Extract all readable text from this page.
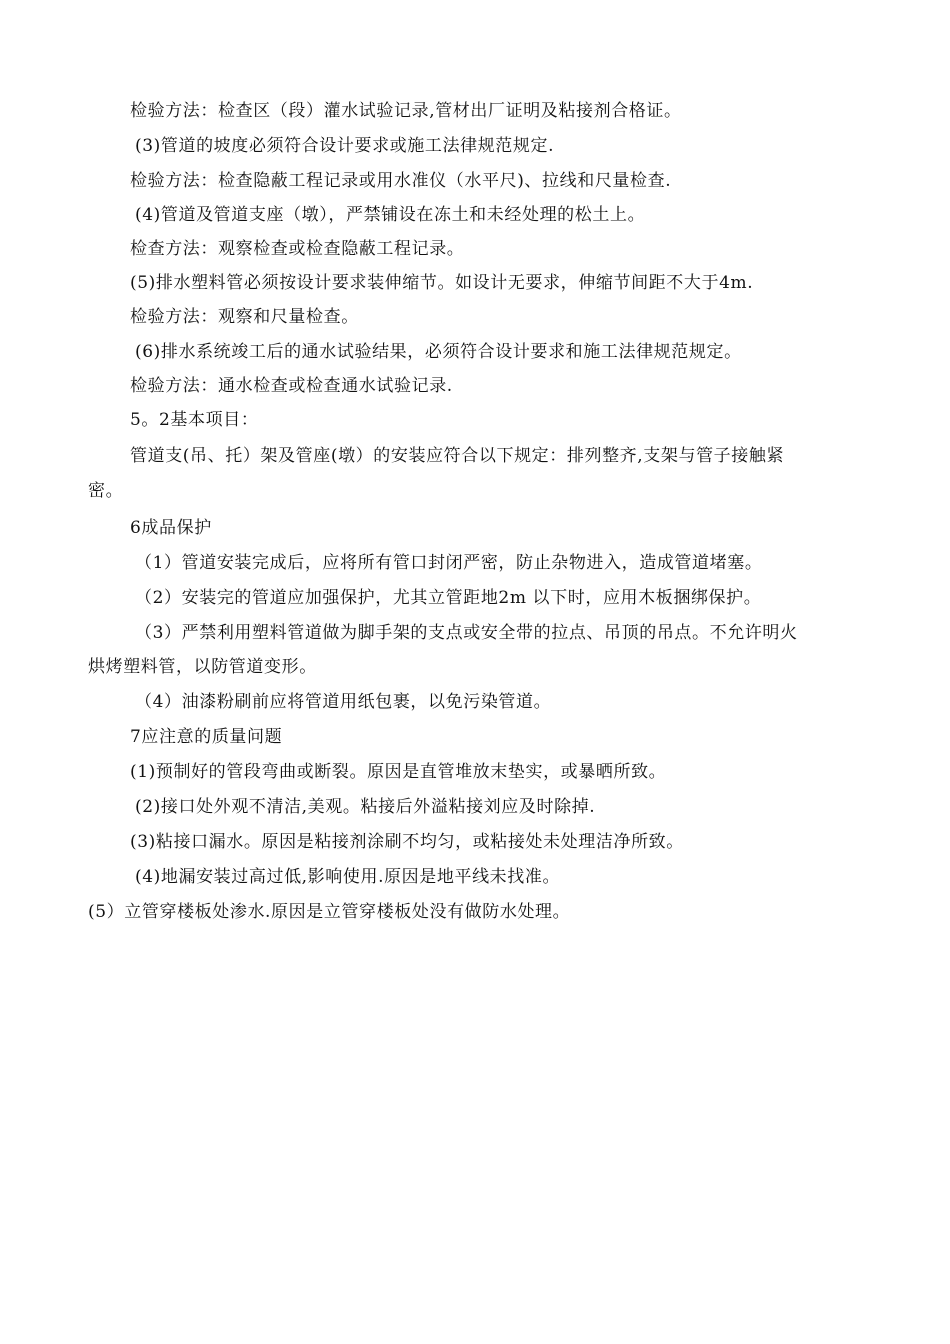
检验方法：检查区（段）灌水试验记录,管材出厂证明及粘接剂合格证。
(3)管道的坡度必须符合设计要求或施工法律规范规定.
检验方法：检查隐蔽工程记录或用水准仪（水平尺)、拉线和尺量检查.
(4)管道及管道支座（墩），严禁铺设在冻土和未经处理的松土上。
检查方法：观察检查或检查隐蔽工程记录。
(5)排水塑料管必须按设计要求装伸缩节。如设计无要求，伸缩节间距不大于4m.
检验方法：观察和尺量检查。
(6)排水系统竣工后的通水试验结果，必须符合设计要求和施工法律规范规定。
检验方法：通水检查或检查通水试验记录.
5。2基本项目：
管道支(吊、托）架及管座(墩）的安装应符合以下规定：排列整齐,支架与管子接触紧
密。
6成品保护
（1）管道安装完成后，应将所有管口封闭严密，防止杂物进入，造成管道堵塞。
（2）安装完的管道应加强保护，尤其立管距地2m 以下时，应用木板捆绑保护。
（3）严禁利用塑料管道做为脚手架的支点或安全带的拉点、吊顶的吊点。不允许明火
烘烤塑料管，以防管道变形。
（4）油漆粉刷前应将管道用纸包裹，以免污染管道。
7应注意的质量问题
(1)预制好的管段弯曲或断裂。原因是直管堆放末垫实，或暴晒所致。
(2)接口处外观不清洁,美观。粘接后外溢粘接刘应及时除掉.
(3)粘接口漏水。原因是粘接剂涂刷不均匀，或粘接处未处理洁净所致。
(4)地漏安装过高过低,影响使用.原因是地平线未找准。
(5）立管穿楼板处渗水.原因是立管穿楼板处没有做防水处理。
